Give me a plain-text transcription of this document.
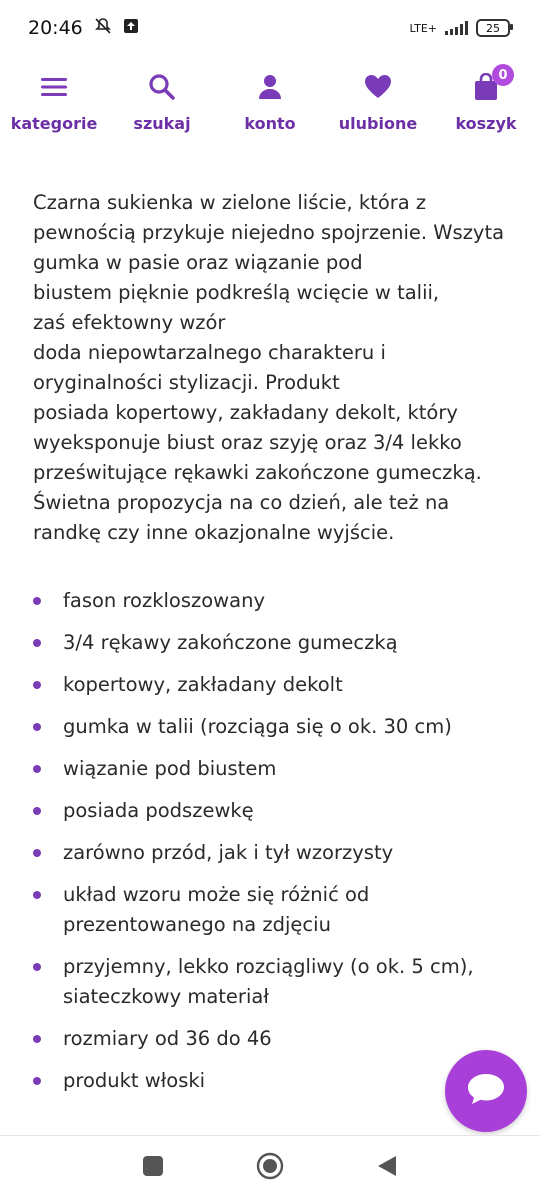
20:46	LTE+	25
kategorie szukaj	konto	ulubione
0
koszyk

Czarna sukienka w zielone liście, która z

pewnością przykuje niejedno spojrzenie. Wszyta

gumka w pasie oraz wiązanie pod

biustem pięknie podkreślą wcięcie w talii,

zaś efektowny wzór

doda niepowtarzalnego charakteru i

oryginalności stylizacji. Produkt

posiada kopertowy, zakładany dekolt, który

wyeksponuje biust oraz szyję oraz 3/4 lekko

prześwitujące rękawki zakończone gumeczką.

Świetna propozycja na co dzień, ale też na

randkę czy inne okazjonalne wyjście.

fason rozkloszowany
3/4 rękawy zakończone gumeczką
kopertowy, zakładany dekolt
gumka w talii (rozciąga się o ok. 30 cm)
wiązanie pod biustem
posiada podszewkę
zarówno przód, jak i tył wzorzysty
układ wzoru może się różnić od
prezentowanego na zdjęciu
przyjemny, lekko rozciągliwy (o ok. 5 cm),
siateczkowy materiał
rozmiary od 36 do 46
produkt włoski
